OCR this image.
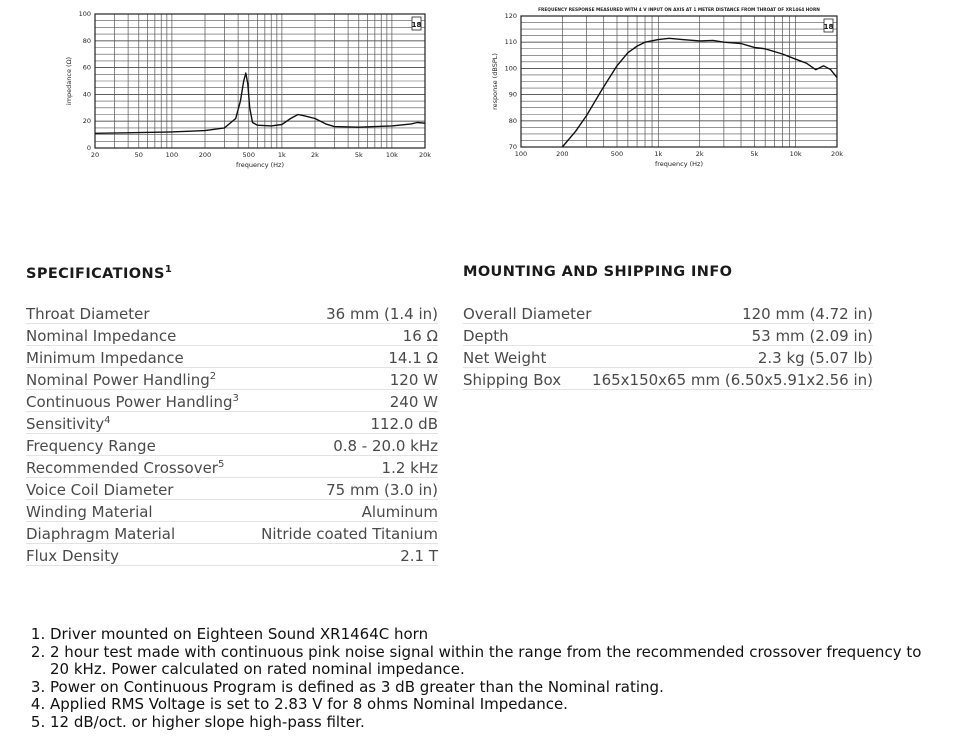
20	50	100	200	500	1k	2k	5k	10k	20k
0
20
40
60
80
100
frequency (Hz)
impedance (Ω)
18
100	200	500	1k	2k	5k	10k	20k
70
80
90
100
110
120
frequency (Hz)
response (dBSPL)
FREQUENCY RESPONSE MEASURED WITH 4 V INPUT ON AXIS AT 1 METER DISTANCE FROM THROAT OF XR1464 HORN
18
SPECIFICATIONS$^1$
Throat Diameter	36 mm (1.4 in)
Nominal Impedance	16 Ω
Minimum Impedance	14.1 Ω
Nominal Power Handling$^2$	120 W
Continuous Power Handling$^3$	240 W
Sensitivity$^4$	112.0 dB
Frequency Range	0.8 - 20.0 kHz
Recommended Crossover$^5$	1.2 kHz
Voice Coil Diameter	75 mm (3.0 in)
Winding Material	Aluminum
Diaphragm Material	Nitride coated Titanium
Flux Density	2.1 T
MOUNTING AND SHIPPING INFO
Overall Diameter	120 mm (4.72 in)
Depth	53 mm (2.09 in)
Net Weight	2.3 kg (5.07 lb)
Shipping Box	165x150x65 mm (6.50x5.91x2.56 in)
1. Driver mounted on Eighteen Sound XR1464C horn
2. 2 hour test made with continuous pink noise signal within the range from the recommended crossover frequency to 20 kHz. Power calculated on rated nominal impedance.
3. Power on Continuous Program is defined as 3 dB greater than the Nominal rating.
4. Applied RMS Voltage is set to 2.83 V for 8 ohms Nominal Impedance.
5. 12 dB/oct. or higher slope high-pass filter.
